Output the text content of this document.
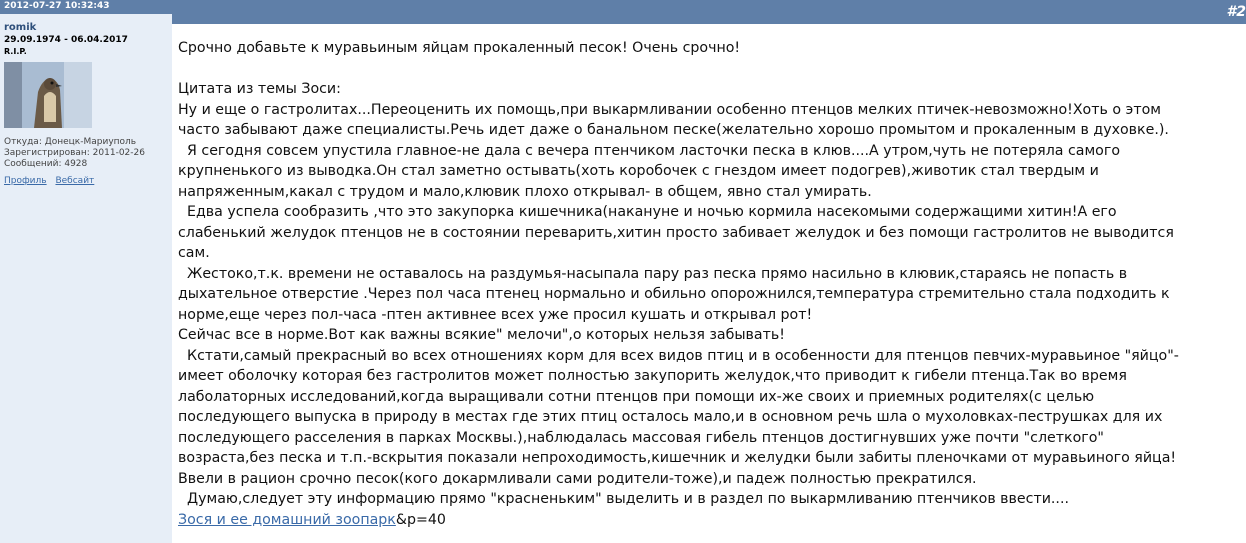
#2
2012-07-27 10:32:43
romik
29.09.1974 - 06.04.2017
R.I.P.
Откуда: Донецк-Мариуполь
Зарегистрирован: 2011-02-26
Сообщений: 4928
Профиль Вебсайт

Срочно добавьте к муравьиным яйцам прокаленный песок! Очень срочно!

Цитата из темы Зоси:

Ну и еще о гастролитах...Переоценить их помощь,при выкармливании особенно птенцов мелких птичек-невозможно!Хоть о этом

часто забывают даже специалисты.Речь идет даже о банальном песке(желательно хорошо промытом и прокаленным в духовке.).

Я сегодня совсем упустила главное-не дала с вечера птенчиком ласточки песка в клюв....А утром,чуть не потеряла самого

крупненького из выводка.Он стал заметно остывать(хоть коробочек с гнездом имеет подогрев),животик стал твердым и

напряженным,какал с трудом и мало,клювик плохо открывал- в общем, явно стал умирать.

Едва успела сообразить ,что это закупорка кишечника(накануне и ночью кормила насекомыми содержащими хитин!А его

слабенький желудок птенцов не в состоянии переварить,хитин просто забивает желудок и без помощи гастролитов не выводится

сам.

Жестоко,т.к. времени не оставалось на раздумья-насыпала пару раз песка прямо насильно в клювик,стараясь не попасть в

дыхательное отверстие .Через пол часа птенец нормально и обильно опорожнился,температура стремительно стала подходить к

норме,еще через пол-часа -птен активнее всех уже просил кушать и открывал рот!

Сейчас все в норме.Вот как важны всякие" мелочи",о которых нельзя забывать!

Кстати,самый прекрасный во всех отношениях корм для всех видов птиц и в особенности для птенцов певчих-муравьиное "яйцо"-

имеет оболочку которая без гастролитов может полностью закупорить желудок,что приводит к гибели птенца.Так во время

лаболаторных исследований,когда выращивали сотни птенцов при помощи их-же своих и приемных родителях(с целью

последующего выпуска в природу в местах где этих птиц осталось мало,и в основном речь шла о мухоловках-пеструшках для их

последующего расселения в парках Москвы.),наблюдалась массовая гибель птенцов достигнувших уже почти "слеткого"

возраста,без песка и т.п.-вскрытия показали непроходимость,кишечник и желудки были забиты пленочками от муравьиного яйца!

Ввели в рацион срочно песок(кого докармливали сами родители-тоже),и падеж полностью прекратился.

Думаю,следует эту информацию прямо "красненьким" выделить и в раздел по выкармливанию птенчиков ввести....

Зося и ее домашний зоопарк&p=40
